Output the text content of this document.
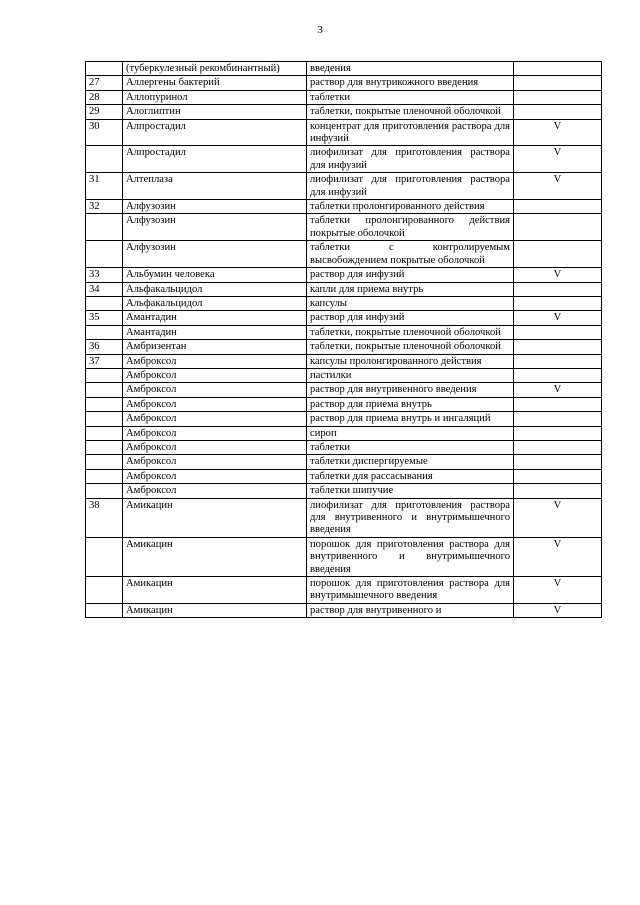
3
	(туберкулезный рекомбинантный)	введения	
27	Аллергены бактерий	раствор для внутрикожного введения	
28	Аллопуринол	таблетки	
29	Алоглиптин	таблетки, покрытые пленочной оболочкой	
30	Алпростадил	концентрат для приготовления раствора для инфузий	V
	Алпростадил	лиофилизат для приготовления раствора для инфузий	V
31	Алтеплаза	лиофилизат для приготовления раствора для инфузий	V
32	Алфузозин	таблетки пролонгированного действия	
	Алфузозин	таблетки пролонгированного действия покрытые оболочкой	
	Алфузозин	таблетки с контролируемым высвобождением покрытые оболочкой	
33	Альбумин человека	раствор для инфузий	V
34	Альфакальцидол	капли для приема внутрь	
	Альфакальцидол	капсулы	
35	Амантадин	раствор для инфузий	V
	Амантадин	таблетки, покрытые пленочной оболочкой	
36	Амбризентан	таблетки, покрытые пленочной оболочкой	
37	Амброксол	капсулы пролонгированного действия	
	Амброксол	пастилки	
	Амброксол	раствор для внутривенного введения	V
	Амброксол	раствор для приема внутрь	
	Амброксол	раствор для приема внутрь и ингаляций	
	Амброксол	сироп	
	Амброксол	таблетки	
	Амброксол	таблетки диспергируемые	
	Амброксол	таблетки для рассасывания	
	Амброксол	таблетки шипучие	
38	Амикацин	лиофилизат для приготовления раствора для внутривенного и внутримышечного введения	V
	Амикацин	порошок для приготовления раствора для внутривенного и внутримышечного введения	V
	Амикацин	порошок для приготовления раствора для внутримышечного введения	V
	Амикацин	раствор для внутривенного и	V
